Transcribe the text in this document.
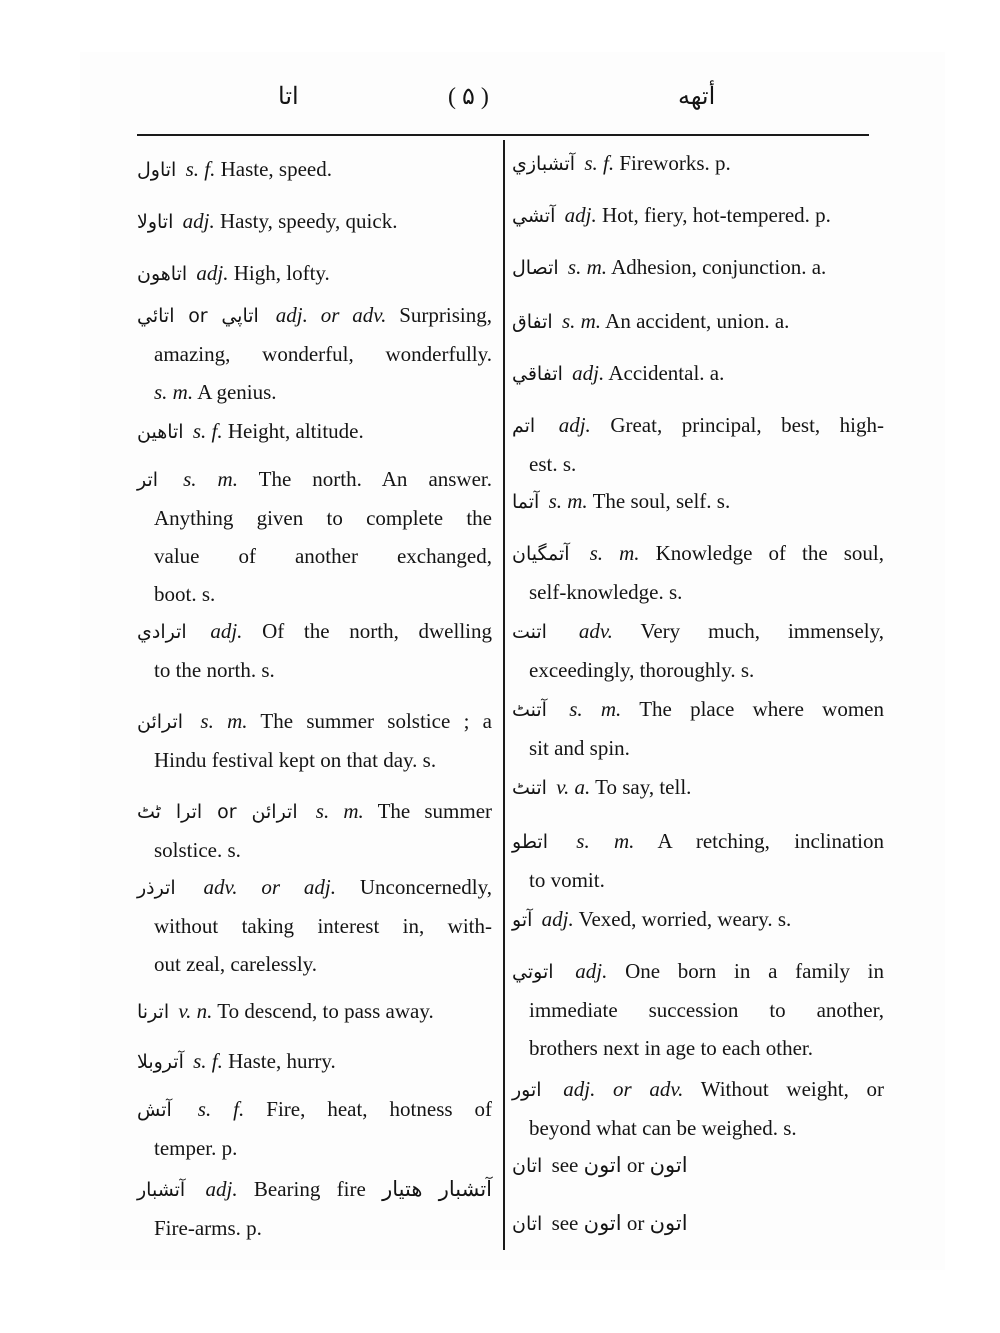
اتا	( ۵ )	أتهه
اتاول s. f. Haste, speed.
اتاولا adj. Hasty, speedy, quick.
اتاهون adj. High, lofty.
اتاپي or اتائي adj. or adv. Surprising,
amazing, wonderful, wonderfully.
s. m. A genius.
اتاهين s. f. Height, altitude.
اتر s. m. The north. An answer.
Anything given to complete the
value of another exchanged,
boot. s.
اترادي adj. Of the north, dwelling
to the north. s.
اترائن s. m. The summer solstice ; a
Hindu festival kept on that day. s.
اترائن or اترا ٹٹ s. m. The summer
solstice. s.
اترذر adv. or adj. Unconcernedly,
without taking interest in, with-
out zeal, carelessly.
اترنا v. n. To descend, to pass away.
آتروبلا s. f. Haste, hurry.
آتش s. f. Fire, heat, hotness of
temper. p.
آتشبار adj. Bearing fire آتشبار هتيار
Fire-arms. p.
آتشبازي s. f. Fireworks. p.
آتشي adj. Hot, fiery, hot-tempered. p.
اتصال s. m. Adhesion, conjunction. a.
اتفاق s. m. An accident, union. a.
اتفاقي adj. Accidental. a.
اتم adj. Great, principal, best, high-
est. s.
آتما s. m. The soul, self. s.
آتمگيان s. m. Knowledge of the soul,
self-knowledge. s.
اتنت adv. Very much, immensely,
exceedingly, thoroughly. s.
آتنٹ s. m. The place where women
sit and spin.
اتنٹ v. a. To say, tell.
اتطو s. m. A retching, inclination
to vomit.
آتو adj. Vexed, worried, weary. s.
اتوتي adj. One born in a family in
immediate succession to another,
brothers next in age to each other.
اتور adj. or adv. Without weight, or
beyond what can be weighed. s.
اتان see اتون or اتون
اتان see اتون or اتون
